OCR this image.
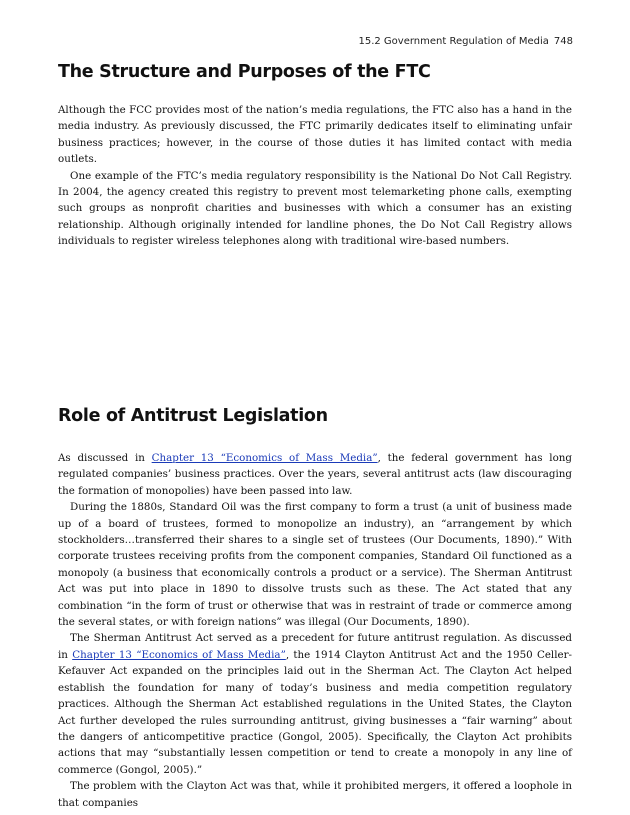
15.2 Government Regulation of Media 748
The Structure and Purposes of the FTC

Although the FCC provides most of the nation’s media regulations, the FTC also has a hand in the media industry. As previously discussed, the FTC primarily dedicates itself to eliminating unfair business practices; however, in the course of those duties it has limited contact with media outlets.

One example of the FTC’s media regulatory responsibility is the National Do Not Call Registry. In 2004, the agency created this registry to prevent most telemarketing phone calls, exempting such groups as nonprofit charities and businesses with which a consumer has an existing relationship. Although originally intended for landline phones, the Do Not Call Registry allows individuals to register wireless telephones along with traditional wire-based numbers.

Role of Antitrust Legislation

As discussed in Chapter 13 “Economics of Mass Media”, the federal government has long regulated companies’ business practices. Over the years, several antitrust acts (law discouraging the formation of monopolies) have been passed into law.

During the 1880s, Standard Oil was the first company to form a trust (a unit of business made up of a board of trustees, formed to monopolize an industry), an “arrangement by which stockholders…transferred their shares to a single set of trustees (Our Documents, 1890).” With corporate trustees receiving profits from the component companies, Standard Oil functioned as a monopoly (a business that economically controls a product or a service). The Sherman Antitrust Act was put into place in 1890 to dissolve trusts such as these. The Act stated that any combination “in the form of trust or otherwise that was in restraint of trade or commerce among the several states, or with foreign nations” was illegal (Our Documents, 1890).

The Sherman Antitrust Act served as a precedent for future antitrust regulation. As discussed in Chapter 13 “Economics of Mass Media”, the 1914 Clayton Antitrust Act and the 1950 Celler-Kefauver Act expanded on the principles laid out in the Sherman Act. The Clayton Act helped establish the foundation for many of today’s business and media competition regulatory practices. Although the Sherman Act established regulations in the United States, the Clayton Act further developed the rules surrounding antitrust, giving businesses a “fair warning” about the dangers of anticompetitive practice (Gongol, 2005). Specifically, the Clayton Act prohibits actions that may “substantially lessen competition or tend to create a monopoly in any line of commerce (Gongol, 2005).”

The problem with the Clayton Act was that, while it prohibited mergers, it offered a loophole in that companies
